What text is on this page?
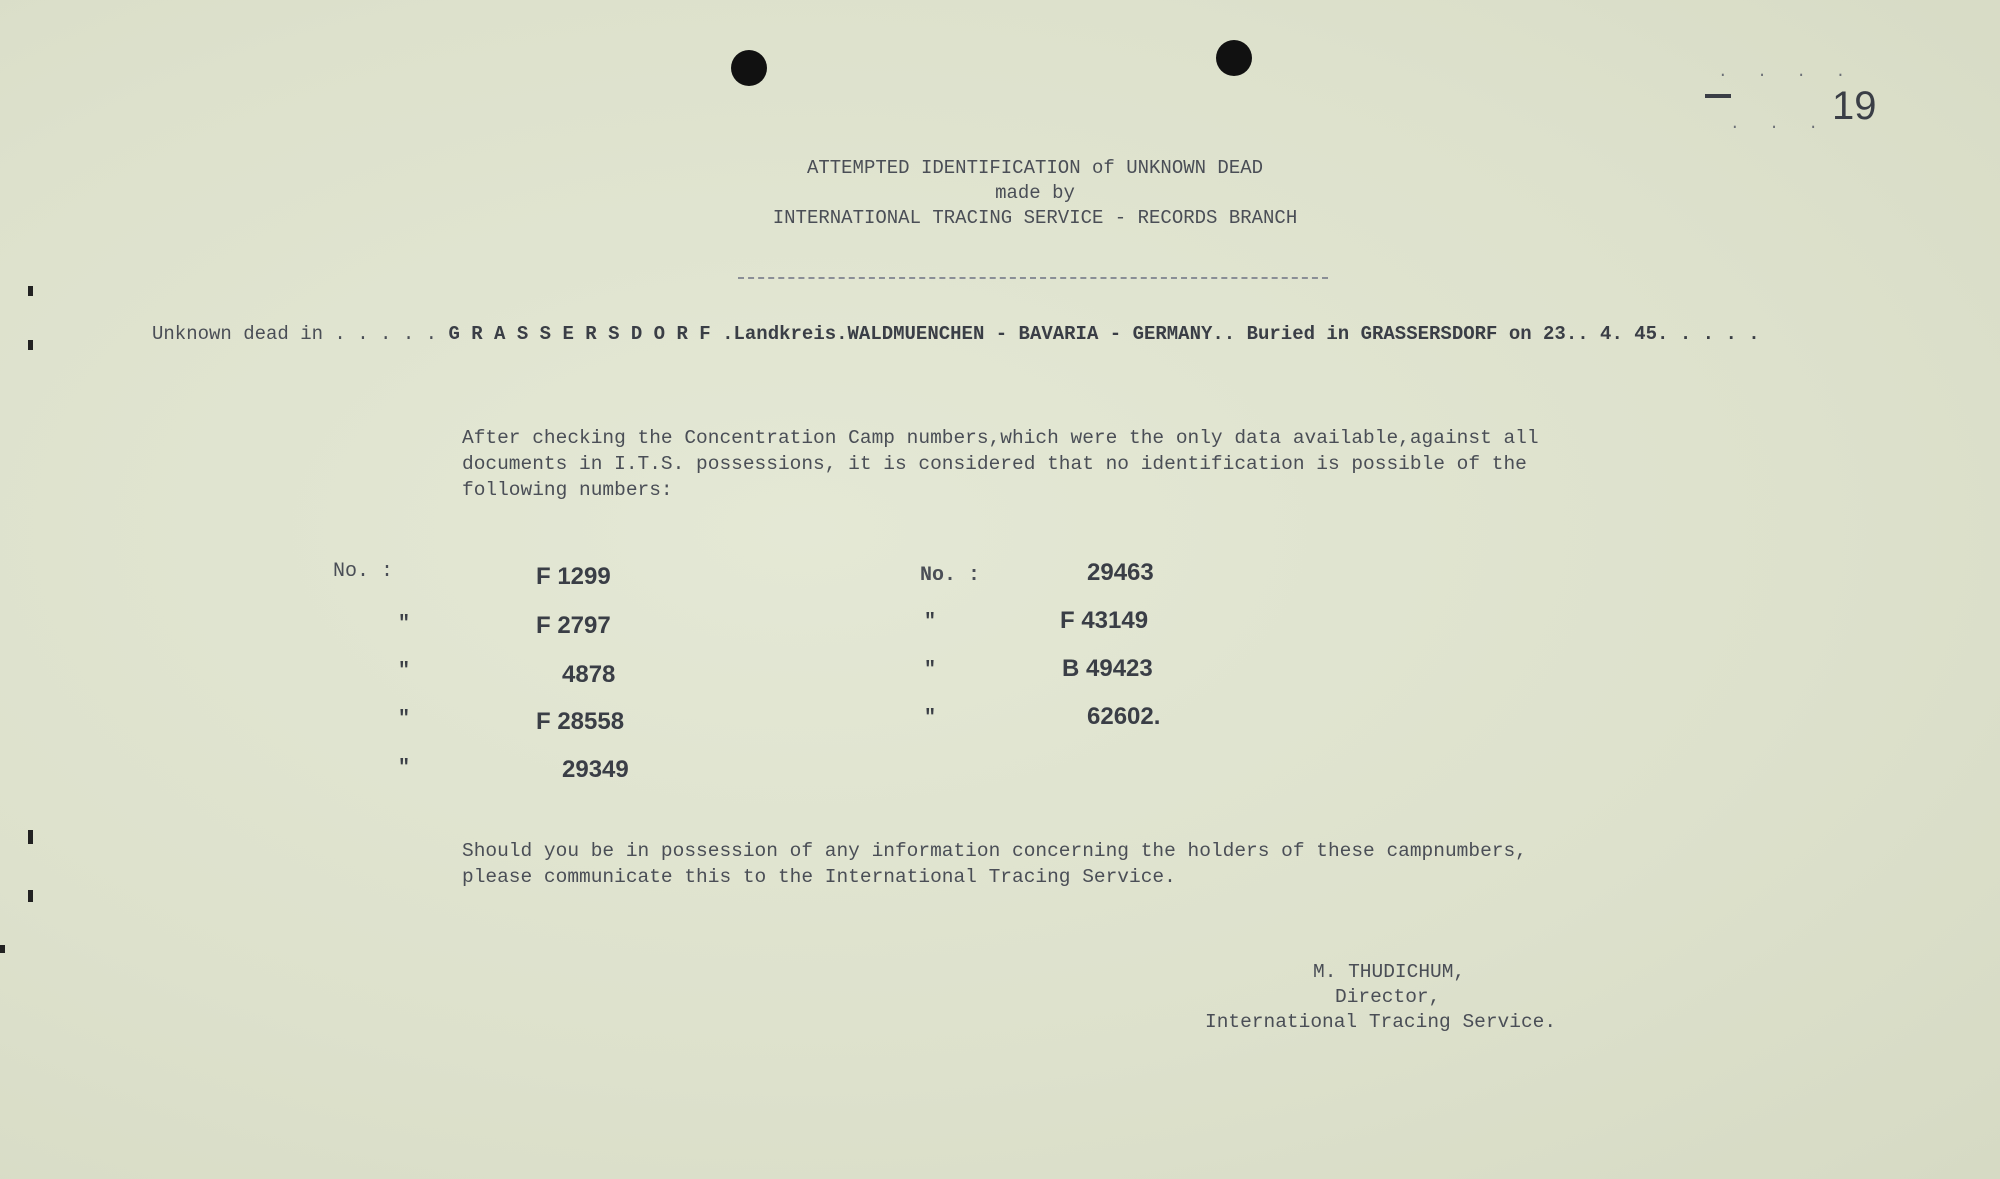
· · · ·
· · · 19
ATTEMPTED IDENTIFICATION of UNKNOWN DEAD
made by
INTERNATIONAL TRACING SERVICE - RECORDS BRANCH
Unknown dead in . . . . . G R A S S E R S D O R F .Landkreis.WALDMUENCHEN - BAVARIA - GERMANY.. Buried in GRASSERSDORF on 23.. 4. 45. . . . .
After checking the Concentration Camp numbers,which were the only data available,against all
documents in I.T.S. possessions, it is considered that no identification is possible of the
following numbers:
No. :	F 1299
"	F 2797
"	4878
"	F 28558
"	29349
No. :	29463
"	F 43149
"	B 49423
"	62602.
Should you be in possession of any information concerning the holders of these campnumbers,
please communicate this to the International Tracing Service.
M. THUDICHUM,
Director,
International Tracing Service.
